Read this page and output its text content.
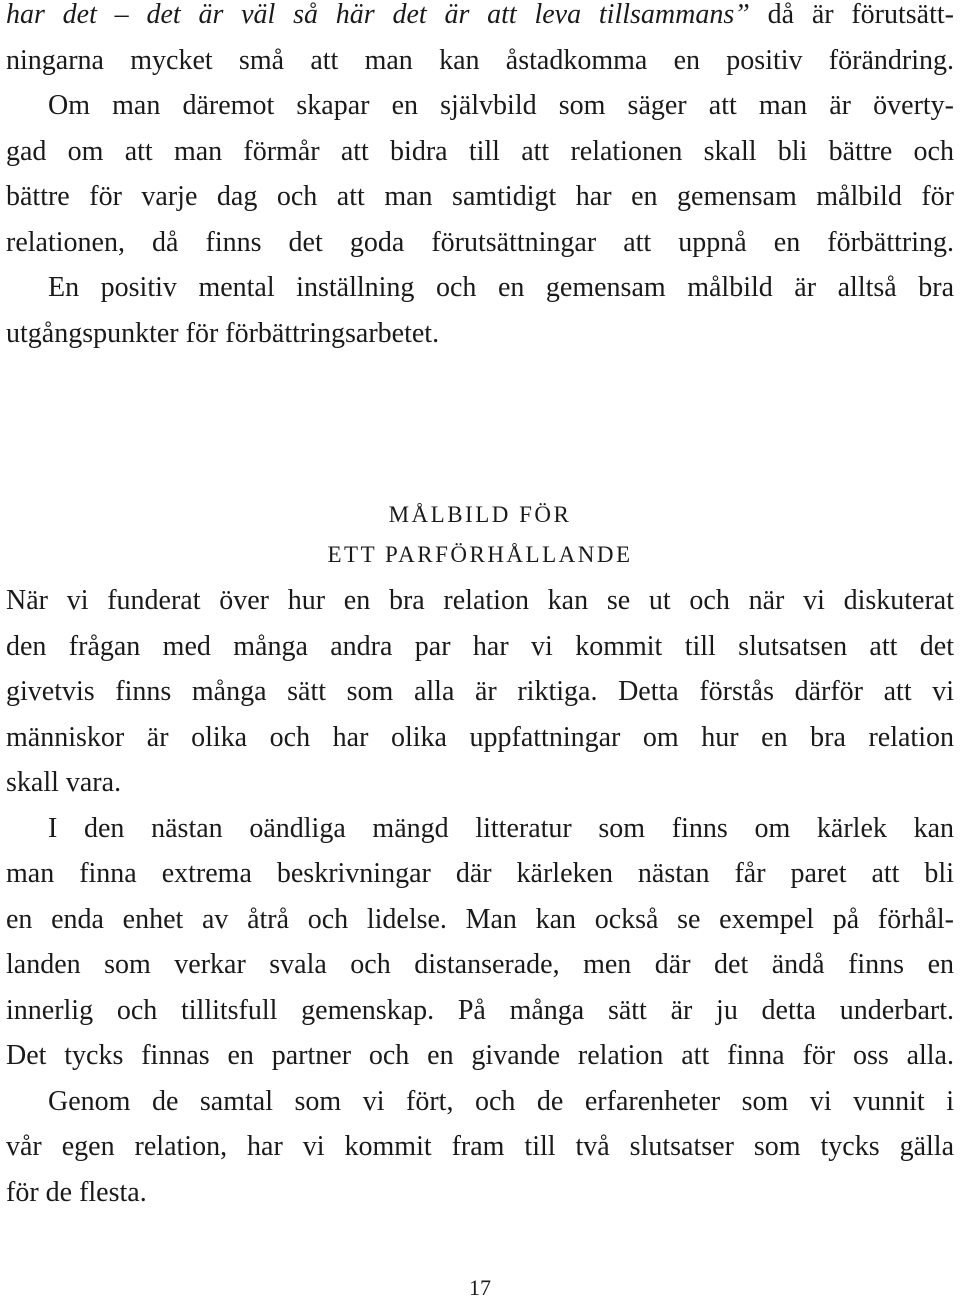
har det – det är väl så här det är att leva tillsammans” då är förutsätt-
ningarna mycket små att man kan åstadkomma en positiv förändring.
Om man däremot skapar en självbild som säger att man är överty-
gad om att man förmår att bidra till att relationen skall bli bättre och
bättre för varje dag och att man samtidigt har en gemensam målbild för
relationen, då finns det goda förutsättningar att uppnå en förbättring.
En positiv mental inställning och en gemensam målbild är alltså bra
utgångspunkter för förbättringsarbetet.
MÅLBILD FÖR
ETT PARFÖRHÅLLANDE
När vi funderat över hur en bra relation kan se ut och när vi diskuterat
den frågan med många andra par har vi kommit till slutsatsen att det
givetvis finns många sätt som alla är riktiga. Detta förstås därför att vi
människor är olika och har olika uppfattningar om hur en bra relation
skall vara.
I den nästan oändliga mängd litteratur som finns om kärlek kan
man finna extrema beskrivningar där kärleken nästan får paret att bli
en enda enhet av åtrå och lidelse. Man kan också se exempel på förhål-
landen som verkar svala och distanserade, men där det ändå finns en
innerlig och tillitsfull gemenskap. På många sätt är ju detta underbart.
Det tycks finnas en partner och en givande relation att finna för oss alla.
Genom de samtal som vi fört, och de erfarenheter som vi vunnit i
vår egen relation, har vi kommit fram till två slutsatser som tycks gälla
för de flesta.
17
